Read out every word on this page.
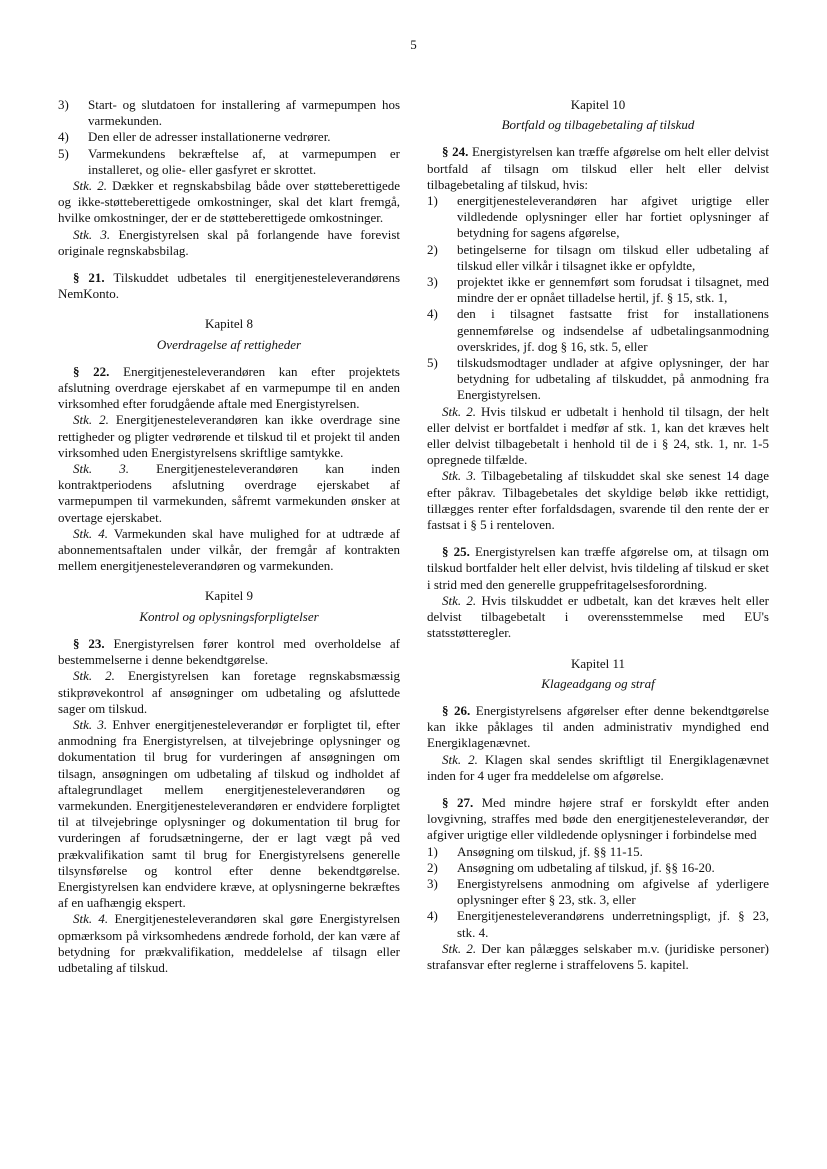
5
3)	Start- og slutdatoen for installering af varmepumpen hos varmekunden.
4)	Den eller de adresser installationerne vedrører.
5)	Varmekundens bekræftelse af, at varmepumpen er installeret, og olie- eller gasfyret er skrottet.

Stk. 2. Dækker et regnskabsbilag både over støtteberettigede og ikke-støtteberettigede omkostninger, skal det klart fremgå, hvilke omkostninger, der er de støtteberettigede omkostninger.

Stk. 3. Energistyrelsen skal på forlangende have forevist originale regnskabsbilag.

§ 21. Tilskuddet udbetales til energitjenesteleverandørens NemKonto.

Kapitel 8
Overdragelse af rettigheder

§ 22. Energitjenesteleverandøren kan efter projektets afslutning overdrage ejerskabet af en varmepumpe til en anden virksomhed efter forudgående aftale med Energistyrelsen.

Stk. 2. Energitjenesteleverandøren kan ikke overdrage sine rettigheder og pligter vedrørende et tilskud til et projekt til anden virksomhed uden Energistyrelsens skriftlige samtykke.

Stk. 3. Energitjenesteleverandøren kan inden kontraktperiodens afslutning overdrage ejerskabet af varmepumpen til varmekunden, såfremt varmekunden ønsker at overtage ejerskabet.

Stk. 4. Varmekunden skal have mulighed for at udtræde af abonnementsaftalen under vilkår, der fremgår af kontrakten mellem energitjenesteleverandøren og varmekunden.

Kapitel 9
Kontrol og oplysningsforpligtelser

§ 23. Energistyrelsen fører kontrol med overholdelse af bestemmelserne i denne bekendtgørelse.

Stk. 2. Energistyrelsen kan foretage regnskabsmæssig stikprøvekontrol af ansøgninger om udbetaling og afsluttede sager om tilskud.

Stk. 3. Enhver energitjenesteleverandør er forpligtet til, efter anmodning fra Energistyrelsen, at tilvejebringe oplysninger og dokumentation til brug for vurderingen af ansøgningen om tilsagn, ansøgningen om udbetaling af tilskud og indholdet af aftalegrundlaget mellem energitjenesteleverandøren og varmekunden. Energitjenesteleverandøren er endvidere forpligtet til at tilvejebringe oplysninger og dokumentation til brug for vurderingen af forudsætningerne, der er lagt vægt på ved prækvalifikation samt til brug for Energistyrelsens generelle tilsynsførelse og kontrol efter denne bekendtgørelse. Energistyrelsen kan endvidere kræve, at oplysningerne bekræftes af en uafhængig ekspert.

Stk. 4. Energitjenesteleverandøren skal gøre Energistyrelsen opmærksom på virksomhedens ændrede forhold, der kan være af betydning for prækvalifikation, meddelelse af tilsagn eller udbetaling af tilskud.

Kapitel 10
Bortfald og tilbagebetaling af tilskud

§ 24. Energistyrelsen kan træffe afgørelse om helt eller delvist bortfald af tilsagn om tilskud eller helt eller delvist tilbagebetaling af tilskud, hvis:

1)	energitjenesteleverandøren har afgivet urigtige eller vildledende oplysninger eller har fortiet oplysninger af betydning for sagens afgørelse,
2)	betingelserne for tilsagn om tilskud eller udbetaling af tilskud eller vilkår i tilsagnet ikke er opfyldte,
3)	projektet ikke er gennemført som forudsat i tilsagnet, med mindre der er opnået tilladelse hertil, jf. § 15, stk. 1,
4)	den i tilsagnet fastsatte frist for installationens gennemførelse og indsendelse af udbetalingsanmodning overskrides, jf. dog § 16, stk. 5, eller
5)	tilskudsmodtager undlader at afgive oplysninger, der har betydning for udbetaling af tilskuddet, på anmodning fra Energistyrelsen.

Stk. 2. Hvis tilskud er udbetalt i henhold til tilsagn, der helt eller delvist er bortfaldet i medfør af stk. 1, kan det kræves helt eller delvist tilbagebetalt i henhold til de i § 24, stk. 1, nr. 1-5 opregnede tilfælde.

Stk. 3. Tilbagebetaling af tilskuddet skal ske senest 14 dage efter påkrav. Tilbagebetales det skyldige beløb ikke rettidigt, tillægges renter efter forfaldsdagen, svarende til den rente der er fastsat i § 5 i renteloven.

§ 25. Energistyrelsen kan træffe afgørelse om, at tilsagn om tilskud bortfalder helt eller delvist, hvis tildeling af tilskud er sket i strid med den generelle gruppefritagelsesforordning.

Stk. 2. Hvis tilskuddet er udbetalt, kan det kræves helt eller delvist tilbagebetalt i overensstemmelse med EU's statsstøtteregler.

Kapitel 11
Klageadgang og straf

§ 26. Energistyrelsens afgørelser efter denne bekendtgørelse kan ikke påklages til anden administrativ myndighed end Energiklagenævnet.

Stk. 2. Klagen skal sendes skriftligt til Energiklagenævnet inden for 4 uger fra meddelelse om afgørelse.

§ 27. Med mindre højere straf er forskyldt efter anden lovgivning, straffes med bøde den energitjenesteleverandør, der afgiver urigtige eller vildledende oplysninger i forbindelse med

1)	Ansøgning om tilskud, jf. §§ 11-15.
2)	Ansøgning om udbetaling af tilskud, jf. §§ 16-20.
3)	Energistyrelsens anmodning om afgivelse af yderligere oplysninger efter § 23, stk. 3, eller
4)	Energitjenesteleverandørens underretningspligt, jf. § 23, stk. 4.

Stk. 2. Der kan pålægges selskaber m.v. (juridiske personer) strafansvar efter reglerne i straffelovens 5. kapitel.
